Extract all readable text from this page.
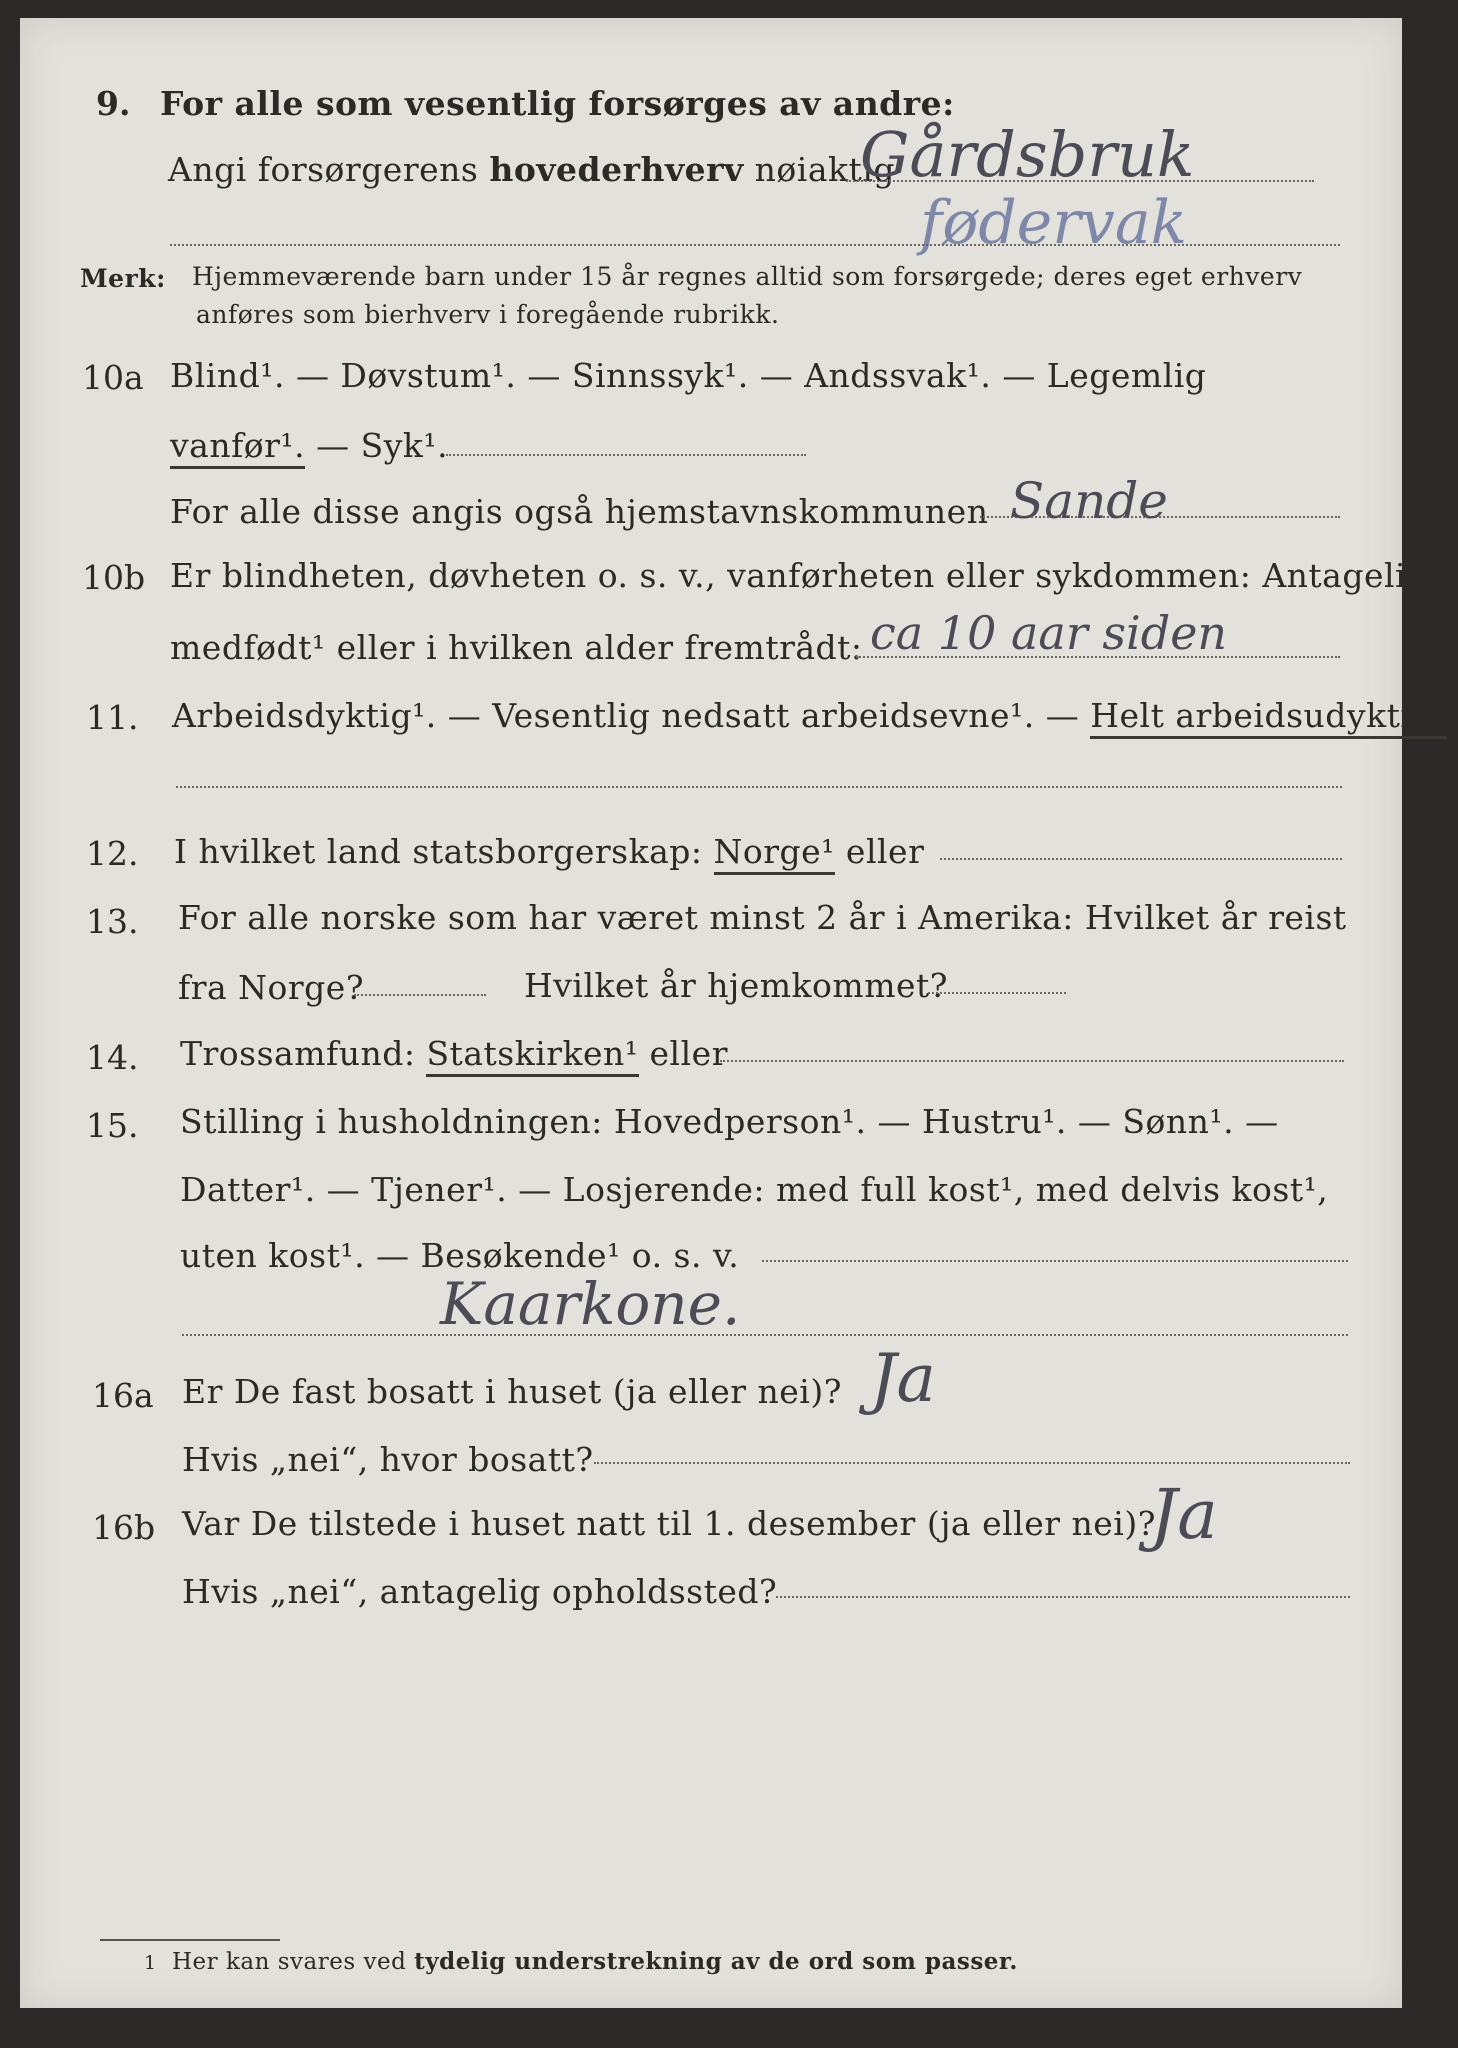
9. For alle som vesentlig forsørges av andre:
Angi forsørgerens hovederhverv nøiaktig
Gårdsbruk
fødervak
Merk: Hjemmeværende barn under 15 år regnes alltid som forsørgede; deres eget erhverv
anføres som bierhverv i foregående rubrikk.
10a Blind¹. — Døvstum¹. — Sinnssyk¹. — Andssvak¹. — Legemlig
vanfør¹. — Syk¹.
For alle disse angis også hjemstavnskommunen Sande
10b Er blindheten, døvheten o. s. v., vanførheten eller sykdommen: Antagelig
medfødt¹ eller i hvilken alder fremtrådt: ca 10 aar siden
11. Arbeidsdyktig¹. — Vesentlig nedsatt arbeidsevne¹. — Helt arbeidsudyktig¹.
12. I hvilket land statsborgerskap: Norge¹ eller
13. For alle norske som har været minst 2 år i Amerika: Hvilket år reist
fra Norge?	Hvilket år hjemkommet?
14. Trossamfund: Statskirken¹ eller
15. Stilling i husholdningen: Hovedperson¹. — Hustru¹. — Sønn¹. —
Datter¹. — Tjener¹. — Losjerende: med full kost¹, med delvis kost¹,
uten kost¹. — Besøkende¹ o. s. v.
Kaarkone.
16a Er De fast bosatt i huset (ja eller nei)? Ja
Hvis „nei“, hvor bosatt?
16b Var De tilstede i huset natt til 1. desember (ja eller nei)?
Ja
Hvis „nei“, antagelig opholdssted?
1 Her kan svares ved tydelig understrekning av de ord som passer.
